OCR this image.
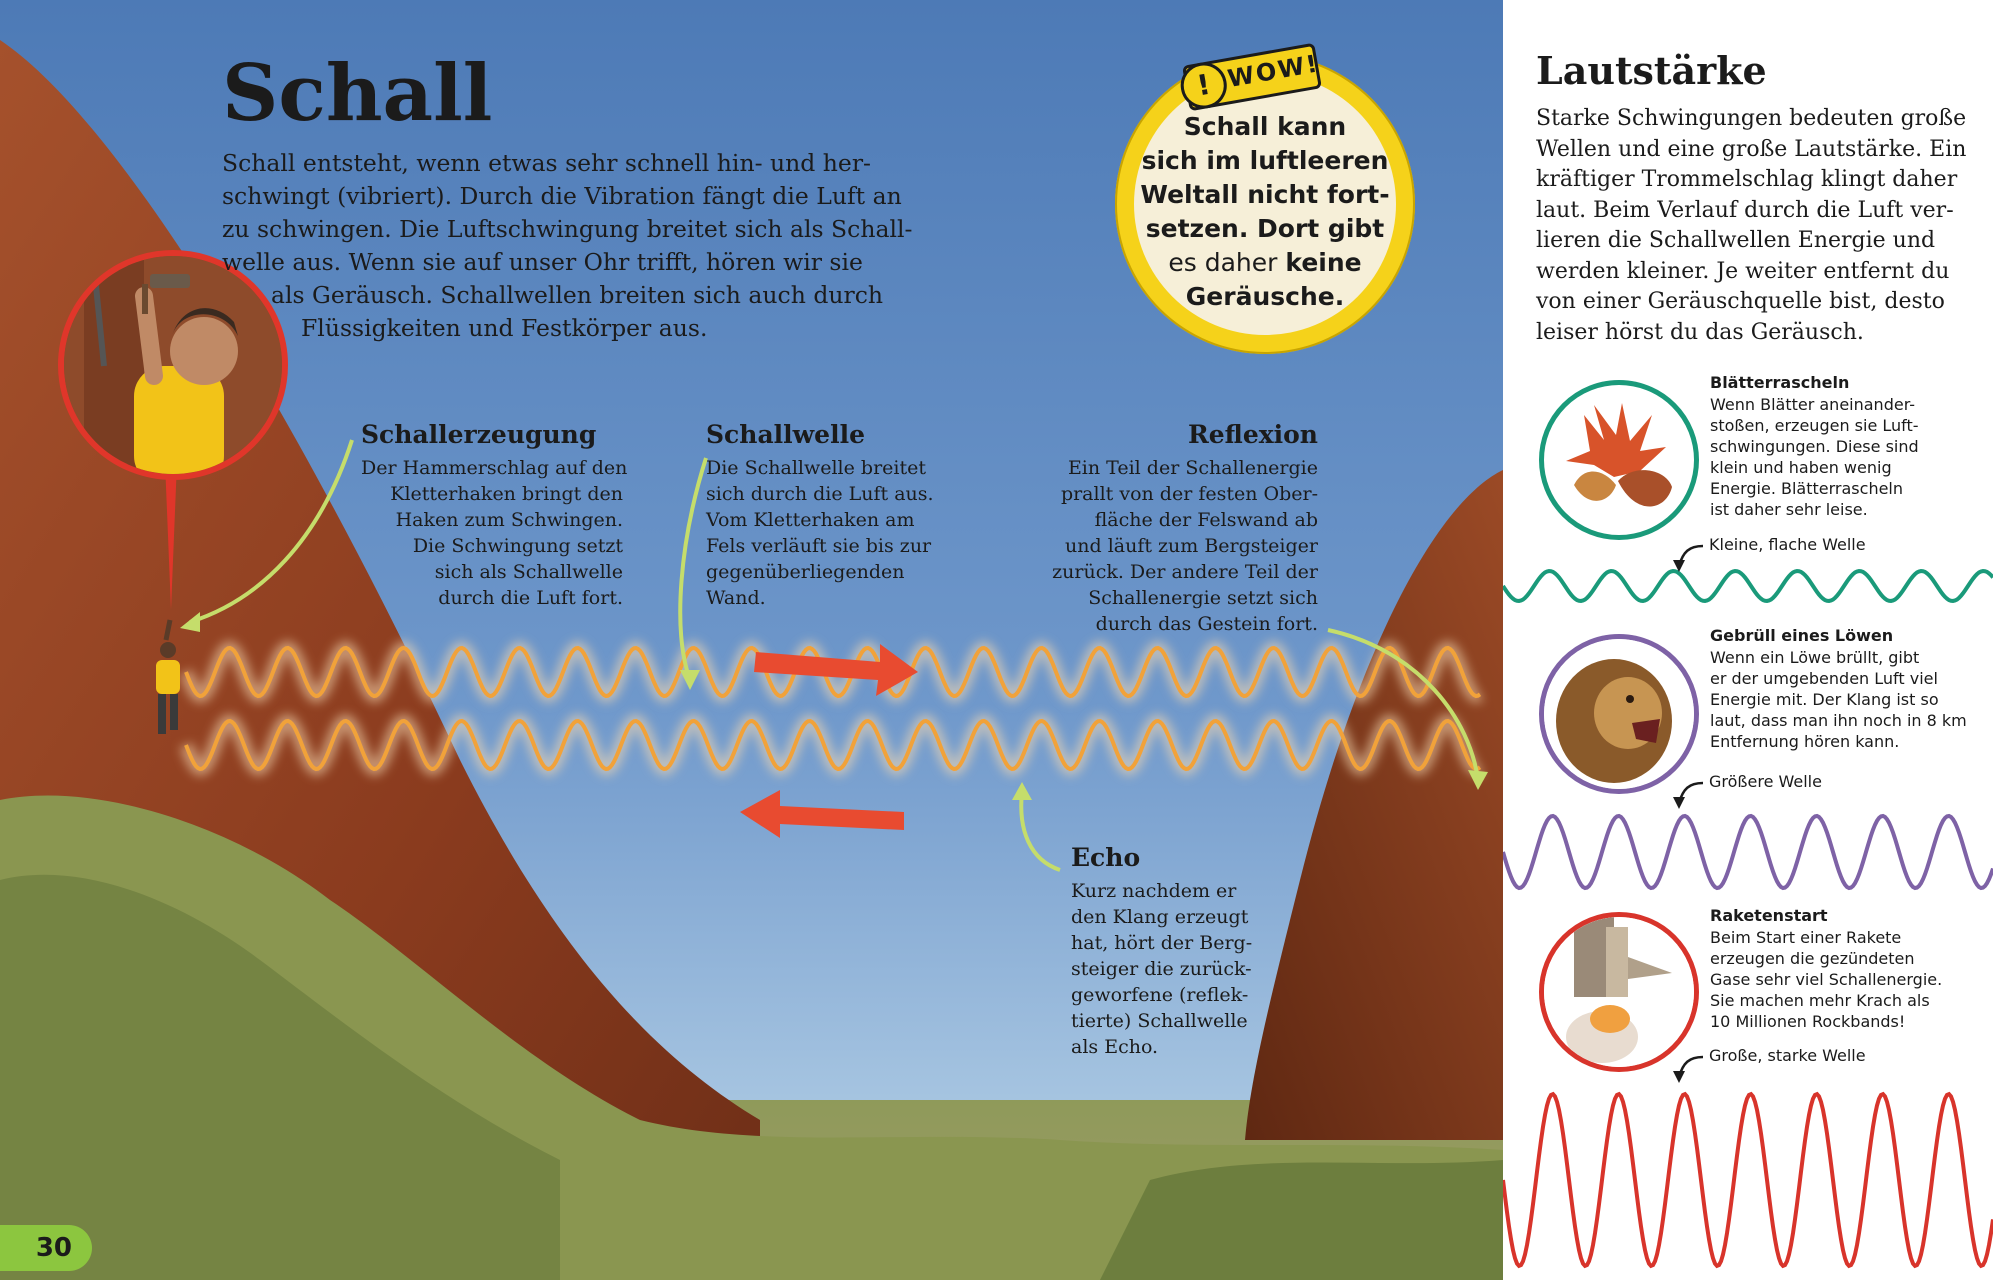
Schall
Schall entsteht, wenn etwas sehr schnell hin- und her-
schwingt (vibriert). Durch die Vibration fängt die Luft an
zu schwingen. Die Luftschwingung breitet sich als Schall-
welle aus. Wenn sie auf unser Ohr trifft, hören wir sie
als Geräusch. Schallwellen breiten sich auch durch
Flüssigkeiten und Festkörper aus.
! WOW!
Schall kann
sich im luftleeren
Weltall nicht fort-
setzen. Dort gibt
es daher keine
Geräusche.
Schallerzeugung
Der Hammerschlag auf den
Kletterhaken bringt den
Haken zum Schwingen.
Die Schwingung setzt
sich als Schallwelle
durch die Luft fort.
Schallwelle
Die Schallwelle breitet
sich durch die Luft aus.
Vom Kletterhaken am
Fels verläuft sie bis zur
gegenüberliegenden
Wand.
Reflexion
Ein Teil der Schallenergie
prallt von der festen Ober-
fläche der Felswand ab
und läuft zum Bergsteiger
zurück. Der andere Teil der
Schallenergie setzt sich
durch das Gestein fort.
Echo
Kurz nachdem er
den Klang erzeugt
hat, hört der Berg-
steiger die zurück-
geworfene (reflek-
tierte) Schallwelle
als Echo.
30
Lautstärke
Starke Schwingungen bedeuten große
Wellen und eine große Lautstärke. Ein
kräftiger Trommelschlag klingt daher
laut. Beim Verlauf durch die Luft ver-
lieren die Schallwellen Energie und
werden kleiner. Je weiter entfernt du
von einer Geräuschquelle bist, desto
leiser hörst du das Geräusch.
Blätterrascheln
Wenn Blätter aneinander-
stoßen, erzeugen sie Luft-
schwingungen. Diese sind
klein und haben wenig
Energie. Blätterrascheln
ist daher sehr leise.
Kleine, flache Welle
Gebrüll eines Löwen
Wenn ein Löwe brüllt, gibt
er der umgebenden Luft viel
Energie mit. Der Klang ist so
laut, dass man ihn noch in 8 km
Entfernung hören kann.
Größere Welle
Raketenstart
Beim Start einer Rakete
erzeugen die gezündeten
Gase sehr viel Schallenergie.
Sie machen mehr Krach als
10 Millionen Rockbands!
Große, starke Welle
